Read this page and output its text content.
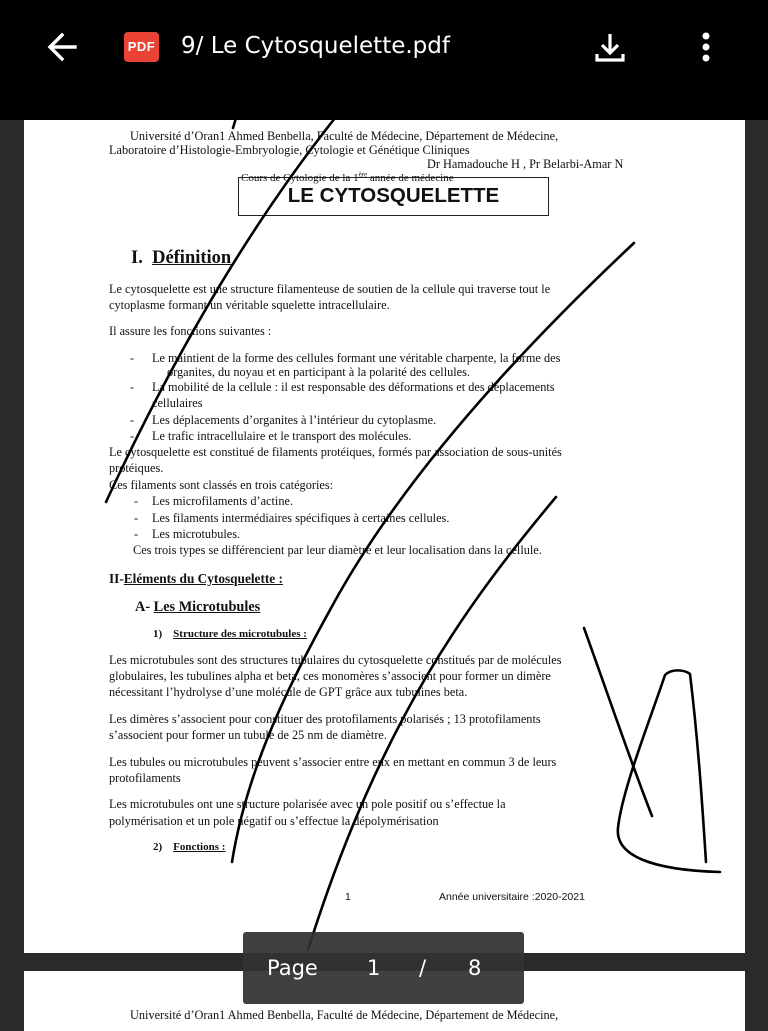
PDF 9/ Le Cytosquelette.pdf
Université d’Oran1 Ahmed Benbella, Faculté de Médecine, Département de Médecine,
Laboratoire d’Histologie-Embryologie, Cytologie et Génétique Cliniques
Dr Hamadouche H , Pr Belarbi-Amar N
Cours de Cytologie de la 1ère année de médecine
LE CYTOSQUELETTE
I. Définition
Le cytosquelette est une structure filamenteuse de soutien de la cellule qui traverse tout le
cytoplasme formant un véritable squelette intracellulaire.
Il assure les fonctions suivantes :
- Le maintient de la forme des cellules formant une véritable charpente, la forme des
organites, du noyau et en participant à la polarité des cellules.
- La mobilité de la cellule : il est responsable des déformations et des déplacements
cellulaires
- Les déplacements d’organites à l’intérieur du cytoplasme.
- Le trafic intracellulaire et le transport des molécules.
Le cytosquelette est constitué de filaments protéiques, formés par association de sous-unités
protéiques.
Ces filaments sont classés en trois catégories:
- Les microfilaments d’actine.
- Les filaments intermédiaires spécifiques à certaines cellules.
- Les microtubules.
Ces trois types se différencient par leur diamètre et leur localisation dans la cellule.
II-Eléments du Cytosquelette :
A- Les Microtubules
1) Structure des microtubules :
Les microtubules sont des structures tubulaires du cytosquelette constitués par de molécules
globulaires, les tubulines alpha et beta, ces monomères s’associent pour former un dimère
nécessitant l’hydrolyse d’une molécule de GPT grâce aux tubulines beta.
Les dimères s’associent pour constituer des protofilaments polarisés ; 13 protofilaments
s’associent pour former un tubule de 25 nm de diamètre.
Les tubules ou microtubules peuvent s’associer entre eux en mettant en commun 3 de leurs
protofilaments
Les microtubules ont une structure polarisée avec un pole positif ou s’effectue la
polymérisation et un pole négatif ou s’effectue la dépolymérisation
2) Fonctions :
1	Année universitaire :2020-2021
Université d’Oran1 Ahmed Benbella, Faculté de Médecine, Département de Médecine,
Page 1 / 8
